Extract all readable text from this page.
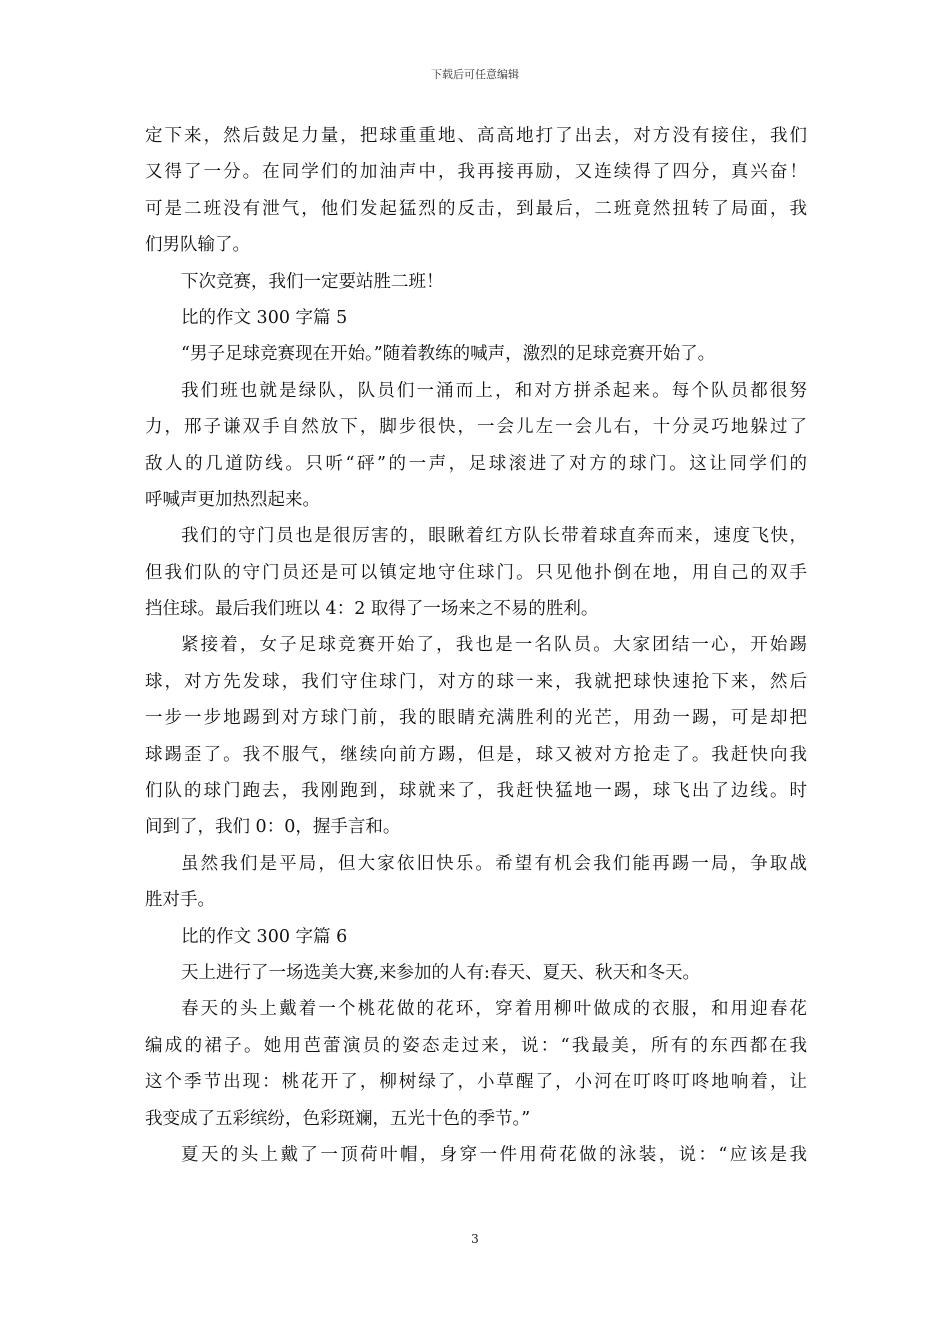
下载后可任意编辑
定下来，然后鼓足力量，把球重重地、高高地打了出去，对方没有接住，我们
又得了一分。在同学们的加油声中，我再接再励，又连续得了四分，真兴奋！
可是二班没有泄气，他们发起猛烈的反击，到最后，二班竟然扭转了局面，我
们男队输了。
下次竞赛，我们一定要站胜二班！
比的作文 300 字篇 5
“男子足球竞赛现在开始。”随着教练的喊声，激烈的足球竞赛开始了。
我们班也就是绿队，队员们一涌而上，和对方拼杀起来。每个队员都很努
力，邢子谦双手自然放下，脚步很快，一会儿左一会儿右，十分灵巧地躲过了
敌人的几道防线。只听“砰”的一声，足球滚进了对方的球门。这让同学们的
呼喊声更加热烈起来。
我们的守门员也是很厉害的，眼瞅着红方队长带着球直奔而来，速度飞快，
但我们队的守门员还是可以镇定地守住球门。只见他扑倒在地，用自己的双手
挡住球。最后我们班以 4：2 取得了一场来之不易的胜利。
紧接着，女子足球竞赛开始了，我也是一名队员。大家团结一心，开始踢
球，对方先发球，我们守住球门，对方的球一来，我就把球快速抢下来，然后
一步一步地踢到对方球门前，我的眼睛充满胜利的光芒，用劲一踢，可是却把
球踢歪了。我不服气，继续向前方踢，但是，球又被对方抢走了。我赶快向我
们队的球门跑去，我刚跑到，球就来了，我赶快猛地一踢，球飞出了边线。时
间到了，我们 0：0，握手言和。
虽然我们是平局，但大家依旧快乐。希望有机会我们能再踢一局，争取战
胜对手。
比的作文 300 字篇 6
天上进行了一场选美大赛,来参加的人有:春天、夏天、秋天和冬天。
春天的头上戴着一个桃花做的花环，穿着用柳叶做成的衣服，和用迎春花
编成的裙子。她用芭蕾演员的姿态走过来，说：“我最美，所有的东西都在我
这个季节出现：桃花开了，柳树绿了，小草醒了，小河在叮咚叮咚地响着，让
我变成了五彩缤纷，色彩斑斓，五光十色的季节。”
夏天的头上戴了一顶荷叶帽，身穿一件用荷花做的泳装，说：“应该是我
3
